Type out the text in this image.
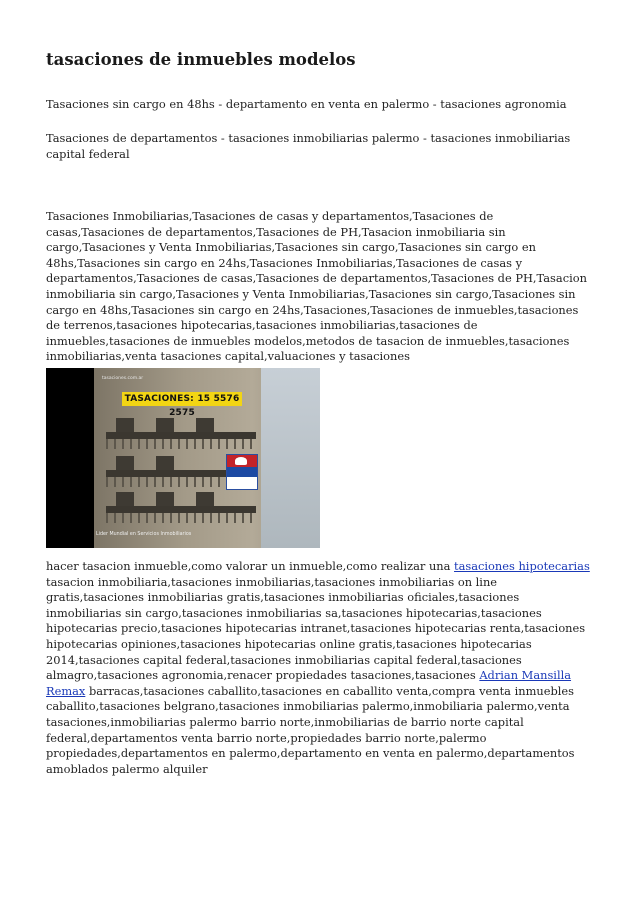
tasaciones de inmuebles modelos

Tasaciones sin cargo en 48hs - departamento en venta en palermo - tasaciones agronomia

Tasaciones de departamentos - tasaciones inmobiliarias palermo - tasaciones inmobiliarias capital federal

Tasaciones Inmobiliarias,Tasaciones de casas y departamentos,Tasaciones de casas,Tasaciones de departamentos,Tasaciones de PH,Tasacion inmobiliaria sin cargo,Tasaciones y Venta Inmobiliarias,Tasaciones sin cargo,Tasaciones sin cargo en 48hs,Tasaciones sin cargo en 24hs,Tasaciones Inmobiliarias,Tasaciones de casas y departamentos,Tasaciones de casas,Tasaciones de departamentos,Tasaciones de PH,Tasacion inmobiliaria sin cargo,Tasaciones y Venta Inmobiliarias,Tasaciones sin cargo,Tasaciones sin cargo en 48hs,Tasaciones sin cargo en 24hs,Tasaciones,Tasaciones de inmuebles,tasaciones de terrenos,tasaciones hipotecarias,tasaciones inmobiliarias,tasaciones de inmuebles,tasaciones de inmuebles modelos,metodos de tasacion de inmuebles,tasaciones inmobiliarias,venta tasaciones capital,valuaciones y tasaciones

TASACIONES: 15 5576 2575
tasaciones.com.ar
Lider Mundial en Servicios Inmobiliarios

hacer tasacion inmueble,como valorar un inmueble,como realizar una tasaciones hipotecarias tasacion inmobiliaria,tasaciones inmobiliarias,tasaciones inmobiliarias on line gratis,tasaciones inmobiliarias gratis,tasaciones inmobiliarias oficiales,tasaciones inmobiliarias sin cargo,tasaciones inmobiliarias sa,tasaciones hipotecarias,tasaciones hipotecarias precio,tasaciones hipotecarias intranet,tasaciones hipotecarias renta,tasaciones hipotecarias opiniones,tasaciones hipotecarias online gratis,tasaciones hipotecarias 2014,tasaciones capital federal,tasaciones inmobiliarias capital federal,tasaciones almagro,tasaciones agronomia,renacer propiedades tasaciones,tasaciones Adrian Mansilla Remax barracas,tasaciones caballito,tasaciones en caballito venta,compra venta inmuebles caballito,tasaciones belgrano,tasaciones inmobiliarias palermo,inmobiliaria palermo,venta tasaciones,inmobiliarias palermo barrio norte,inmobiliarias de barrio norte capital federal,departamentos venta barrio norte,propiedades barrio norte,palermo propiedades,departamentos en palermo,departamento en venta en palermo,departamentos amoblados palermo alquiler
